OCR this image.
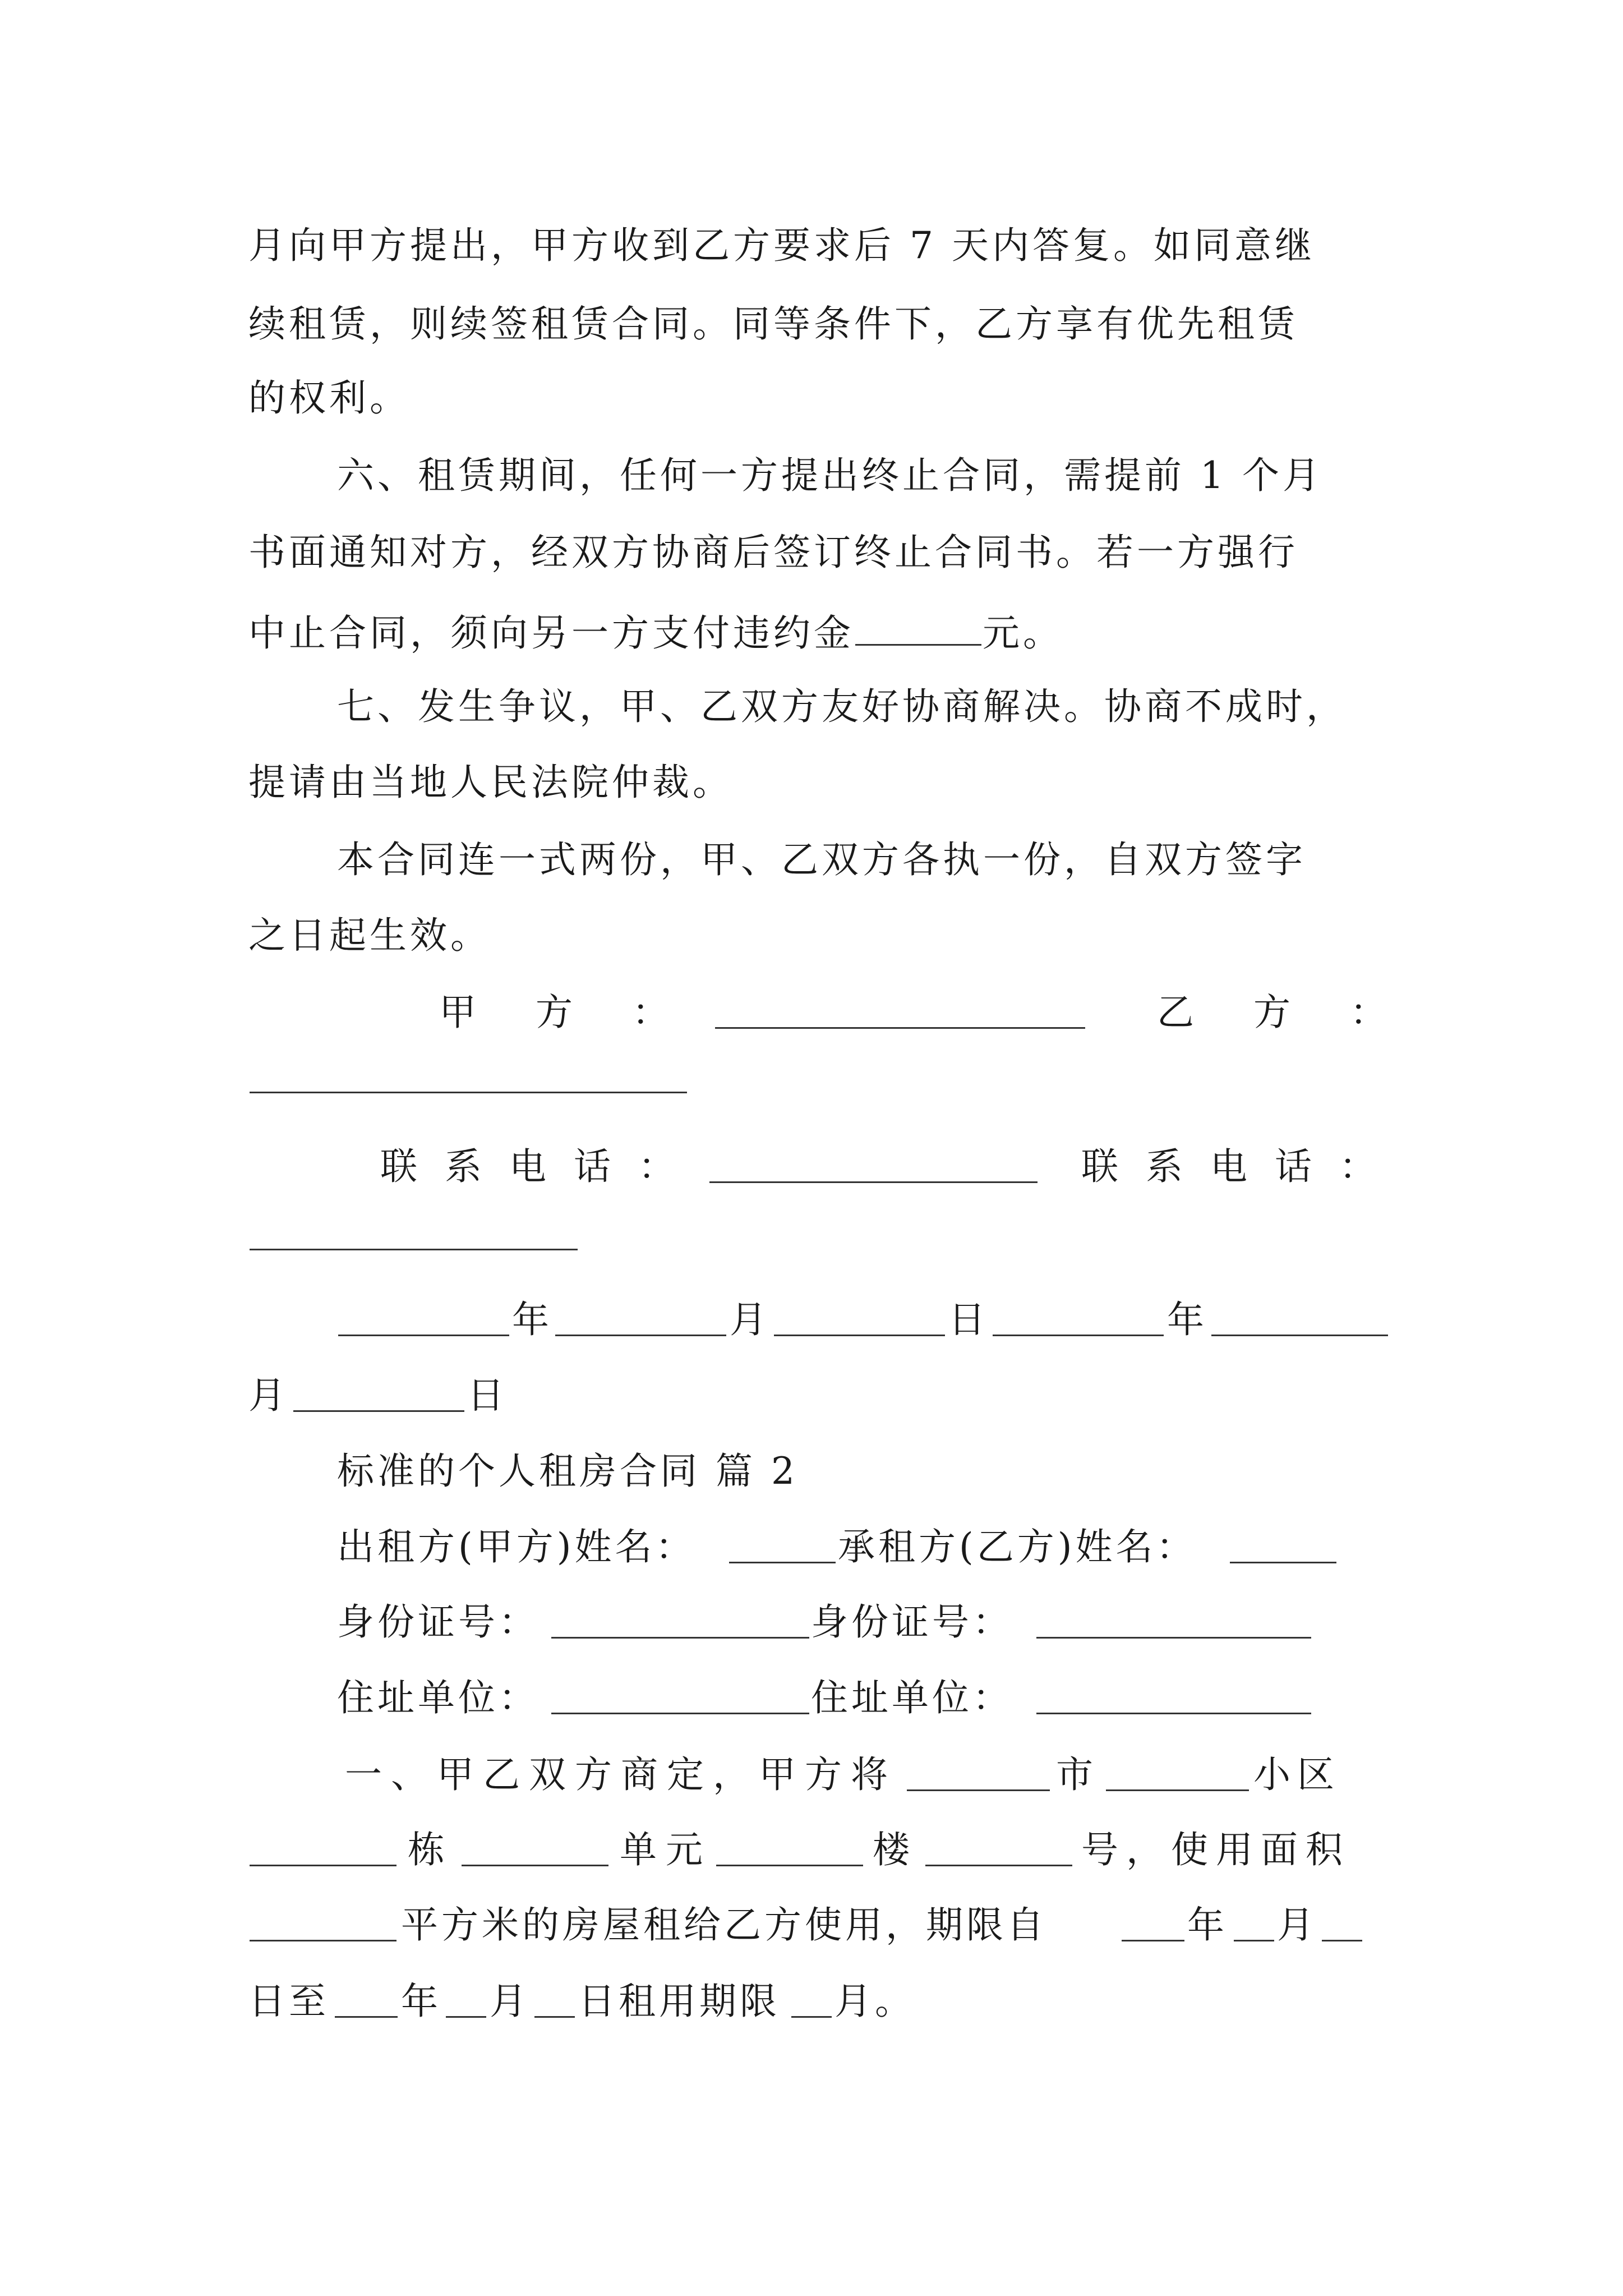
月向甲方提出，甲方收到乙方要求后 7 天内答复。如同意继
续租赁，则续签租赁合同。同等条件下，乙方享有优先租赁
的权利。
六、租赁期间，任何一方提出终止合同，需提前 1 个月
书面通知对方，经双方协商后签订终止合同书。若一方强行
中止合同，须向另一方支付违约金	元。
七、发生争议，甲、乙双方友好协商解决。协商不成时，
提请由当地人民法院仲裁。
本合同连一式两份，甲、乙双方各执一份，自双方签字
之日起生效。
甲　方　：	乙　方　：
联 系 电 话 ：	联 系 电 话 ：
年	月	日	年
月	日
标准的个人租房合同 篇 2
出租方(甲方)姓名：	承租方(乙方)姓名：
身份证号：	身份证号：
住址单位：	住址单位：
一、甲乙双方商定，甲方将	市	小区
栋	单元	楼	号，使用面积
平方米的房屋租给乙方使用，期限自	年 月
日至 年 月 日租用期限 月。
